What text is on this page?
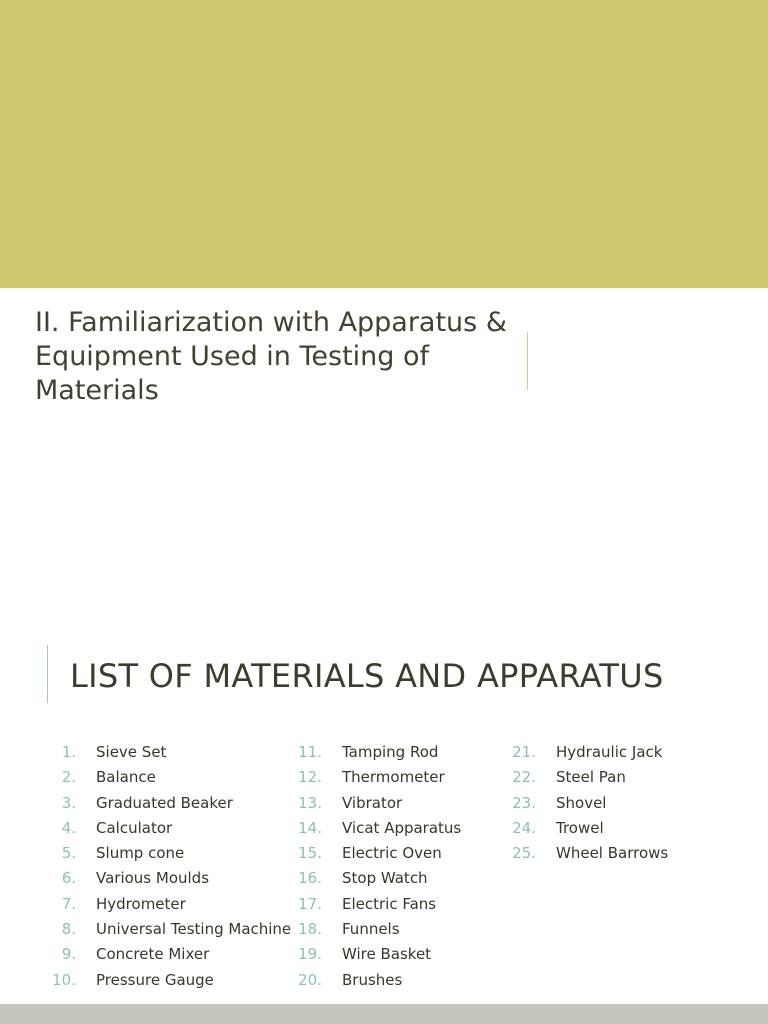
II. Familiarization with Apparatus & Equipment Used in Testing of Materials
LIST OF MATERIALS AND APPARATUS
1. Sieve Set
2. Balance
3. Graduated Beaker
4. Calculator
5. Slump cone
6. Various Moulds
7. Hydrometer
8. Universal Testing Machine
9. Concrete Mixer
10. Pressure Gauge
11. Tamping Rod
12. Thermometer
13. Vibrator
14. Vicat Apparatus
15. Electric Oven
16. Stop Watch
17. Electric Fans
18. Funnels
19. Wire Basket
20. Brushes
21. Hydraulic Jack
22. Steel Pan
23. Shovel
24. Trowel
25. Wheel Barrows
